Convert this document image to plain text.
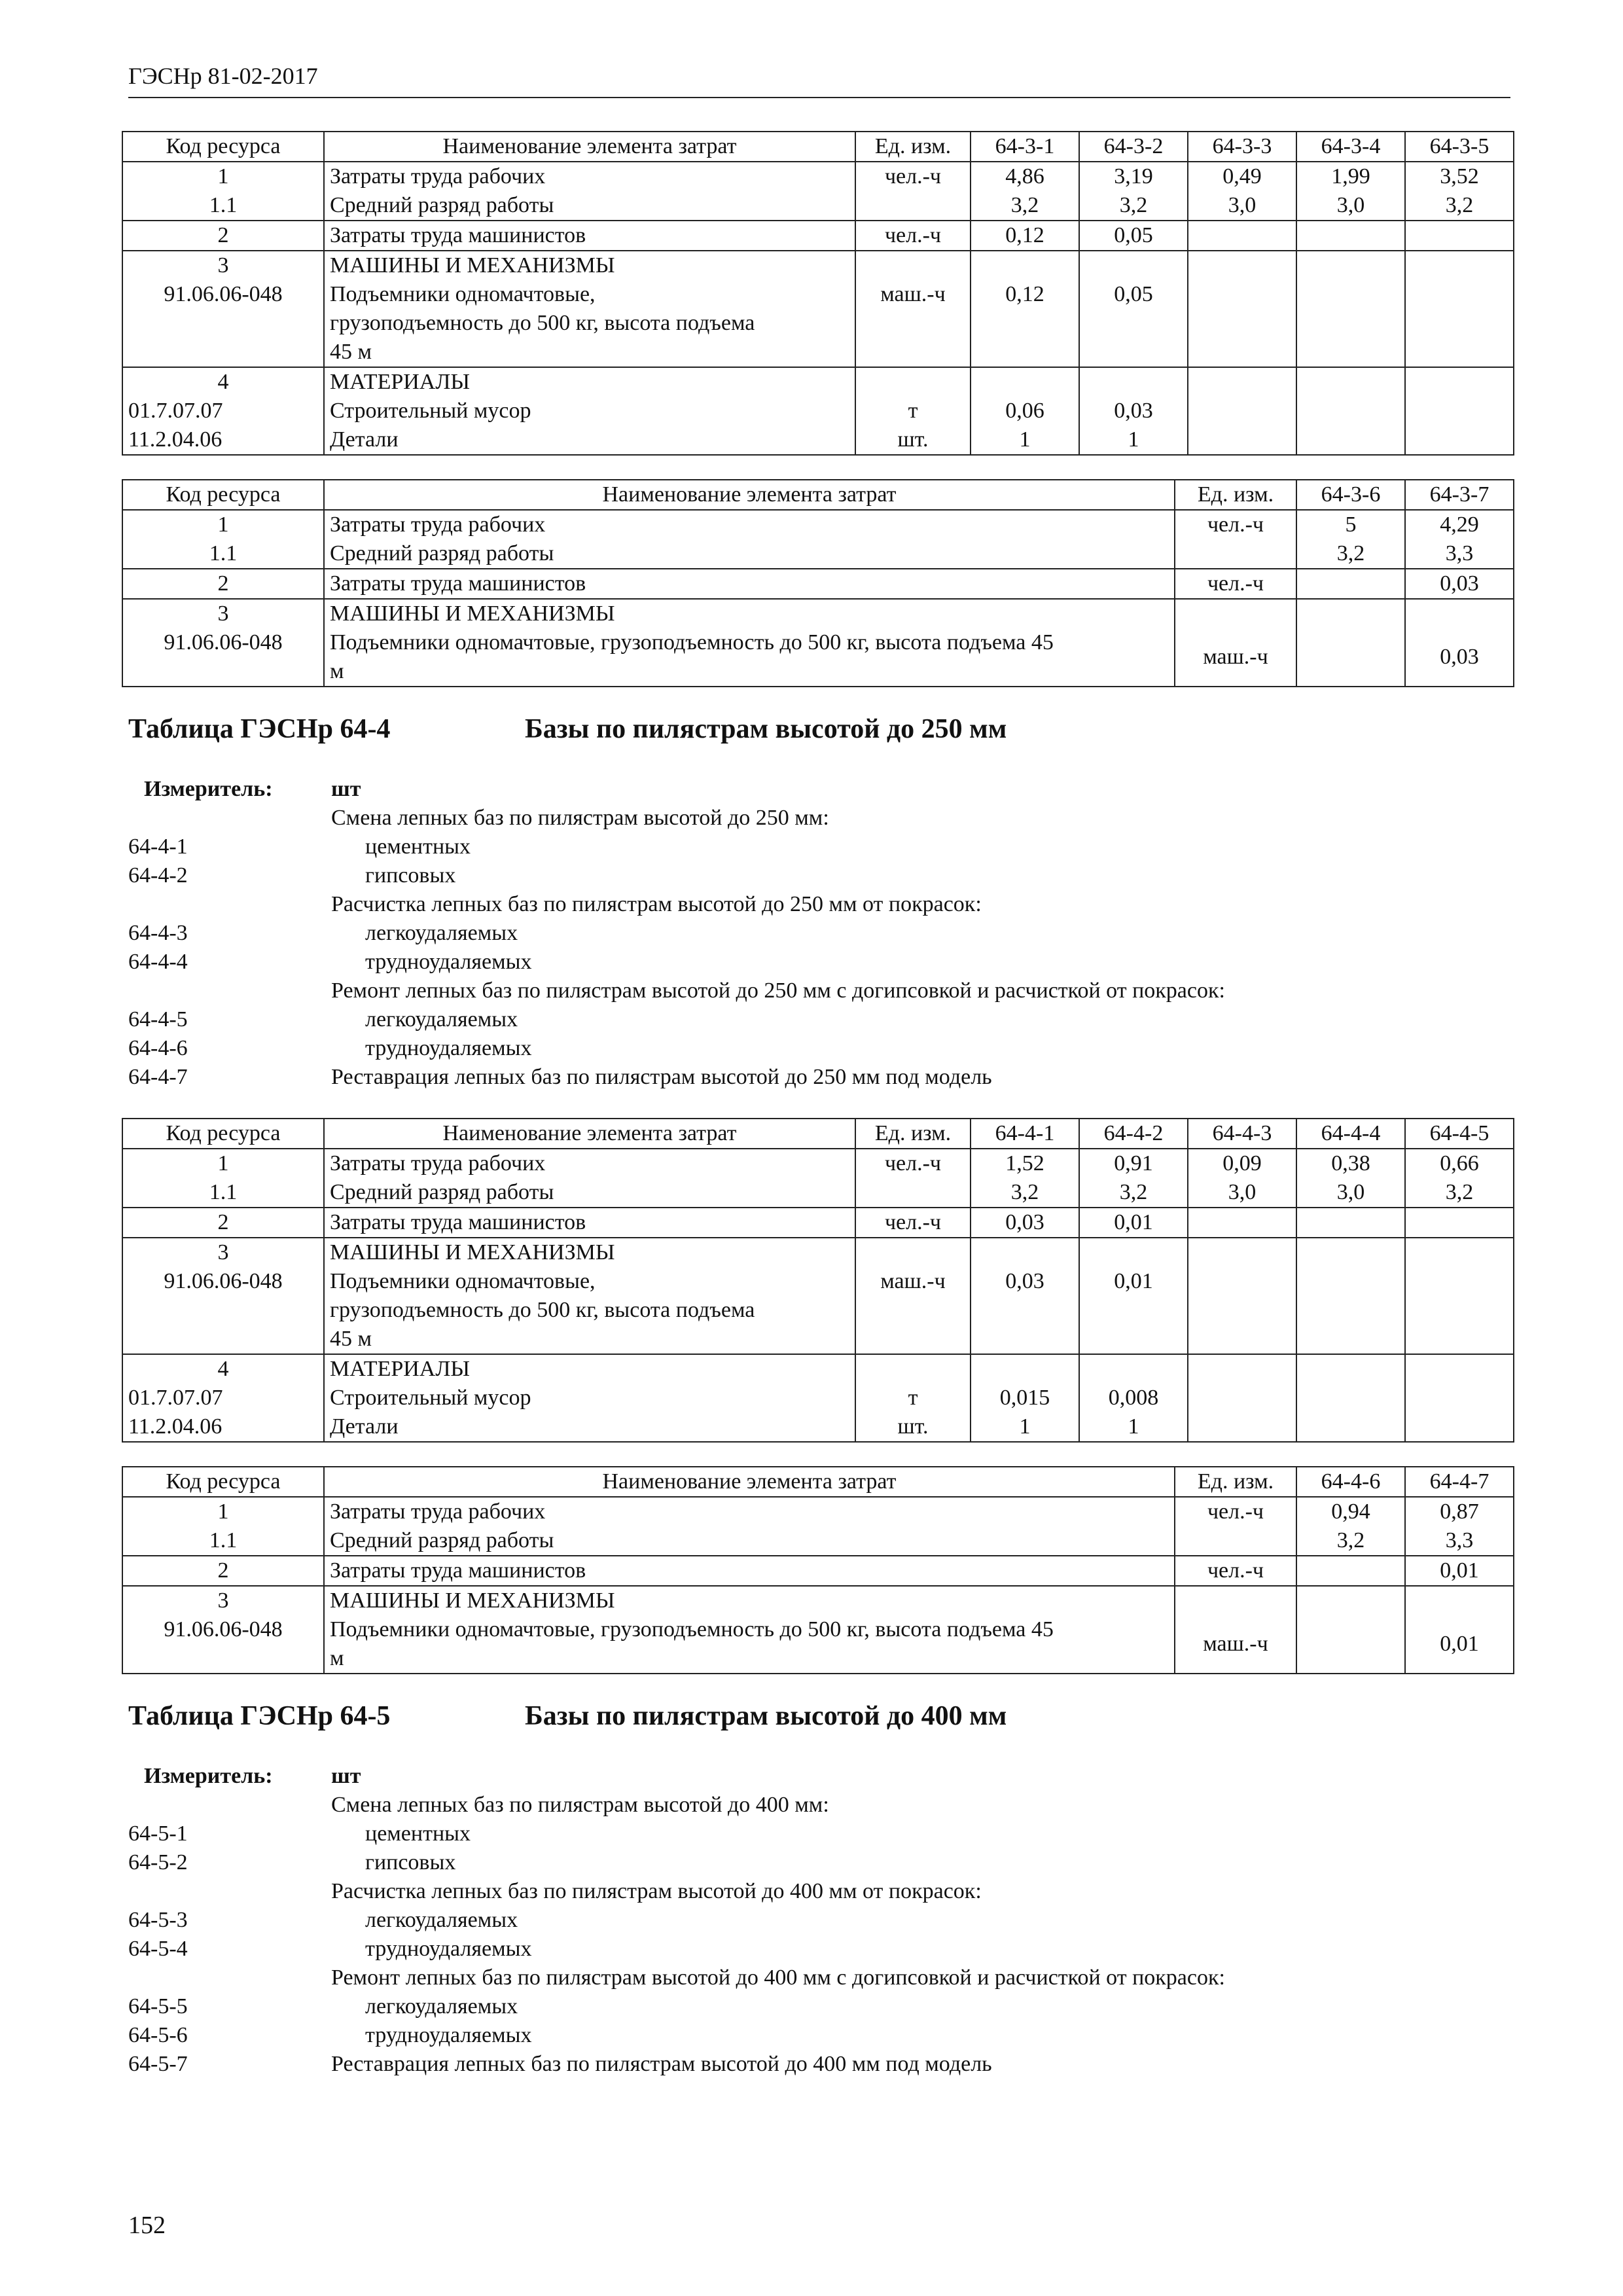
ГЭСНр 81-02-2017
Код ресурса	Наименование элемента затрат	Ед. изм.	64-3-1	64-3-2	64-3-3	64-3-4	64-3-5
1	Затраты труда рабочих	чел.-ч	4,86	3,19	0,49	1,99	3,52
1.1	Средний разряд работы		3,2	3,2	3,0	3,0	3,2
2	Затраты труда машинистов	чел.-ч	0,12	0,05			
3	МАШИНЫ И МЕХАНИЗМЫ						
91.06.06-048	Подъемники одномачтовые,
грузоподъемность до 500 кг, высота подъема
45 м	маш.-ч	0,12	0,05			
4	МАТЕРИАЛЫ						
01.7.07.07	Строительный мусор	т	0,06	0,03			
11.2.04.06	Детали	шт.	1	1			
Код ресурса	Наименование элемента затрат	Ед. изм.	64-3-6	64-3-7
1	Затраты труда рабочих	чел.-ч	5	4,29
1.1	Средний разряд работы		3,2	3,3
2	Затраты труда машинистов	чел.-ч		0,03
3	МАШИНЫ И МЕХАНИЗМЫ			
91.06.06-048	Подъемники одномачтовые, грузоподъемность до 500 кг, высота подъема 45
м	маш.-ч		0,03
Таблица ГЭСНр 64-4	Базы по пилястрам высотой до 250 мм
Измеритель:	шт
Смена лепных баз по пилястрам высотой до 250 мм:
64-4-1	цементных
64-4-2	гипсовых
Расчистка лепных баз по пилястрам высотой до 250 мм от покрасок:
64-4-3	легкоудаляемых
64-4-4	трудноудаляемых
Ремонт лепных баз по пилястрам высотой до 250 мм с догипсовкой и расчисткой от покрасок:
64-4-5	легкоудаляемых
64-4-6	трудноудаляемых
64-4-7	Реставрация лепных баз по пилястрам высотой до 250 мм под модель
Код ресурса	Наименование элемента затрат	Ед. изм.	64-4-1	64-4-2	64-4-3	64-4-4	64-4-5
1	Затраты труда рабочих	чел.-ч	1,52	0,91	0,09	0,38	0,66
1.1	Средний разряд работы		3,2	3,2	3,0	3,0	3,2
2	Затраты труда машинистов	чел.-ч	0,03	0,01			
3	МАШИНЫ И МЕХАНИЗМЫ						
91.06.06-048	Подъемники одномачтовые,
грузоподъемность до 500 кг, высота подъема
45 м	маш.-ч	0,03	0,01			
4	МАТЕРИАЛЫ						
01.7.07.07	Строительный мусор	т	0,015	0,008			
11.2.04.06	Детали	шт.	1	1			
Код ресурса	Наименование элемента затрат	Ед. изм.	64-4-6	64-4-7
1	Затраты труда рабочих	чел.-ч	0,94	0,87
1.1	Средний разряд работы		3,2	3,3
2	Затраты труда машинистов	чел.-ч		0,01
3	МАШИНЫ И МЕХАНИЗМЫ			
91.06.06-048	Подъемники одномачтовые, грузоподъемность до 500 кг, высота подъема 45
м	маш.-ч		0,01
Таблица ГЭСНр 64-5	Базы по пилястрам высотой до 400 мм
Измеритель:	шт
Смена лепных баз по пилястрам высотой до 400 мм:
64-5-1	цементных
64-5-2	гипсовых
Расчистка лепных баз по пилястрам высотой до 400 мм от покрасок:
64-5-3	легкоудаляемых
64-5-4	трудноудаляемых
Ремонт лепных баз по пилястрам высотой до 400 мм с догипсовкой и расчисткой от покрасок:
64-5-5	легкоудаляемых
64-5-6	трудноудаляемых
64-5-7	Реставрация лепных баз по пилястрам высотой до 400 мм под модель
152
